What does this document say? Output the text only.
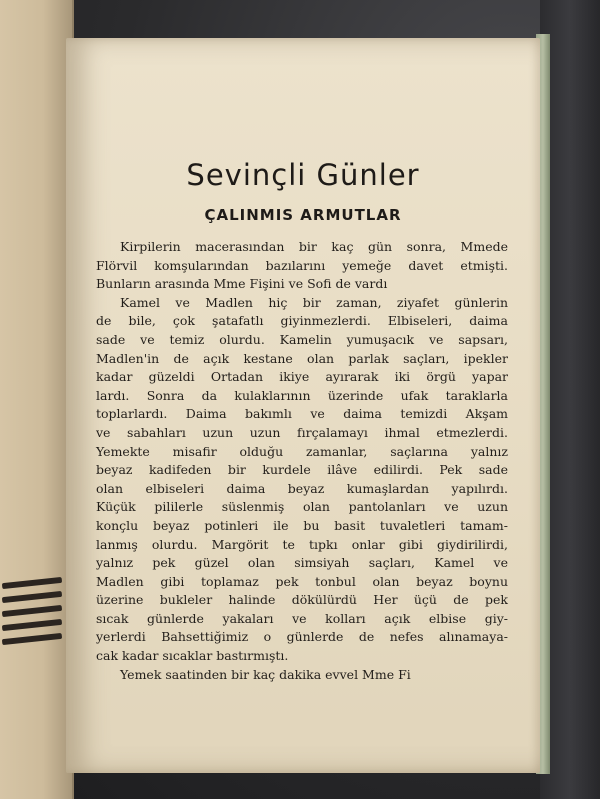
Sevinçli Günler
ÇALINMIS ARMUTLAR
Kirpilerin macerasından bir kaç gün sonra, Mmede
Flörvil komşularından bazılarını yemeğe davet etmişti.
Bunların arasında Mme Fişini ve Sofi de vardı
Kamel ve Madlen hiç bir zaman, ziyafet günlerin
de bile, çok şatafatlı giyinmezlerdi. Elbiseleri, daima
sade ve temiz olurdu. Kamelin yumuşacık ve sapsarı,
Madlen'in de açık kestane olan parlak saçları, ipekler
kadar güzeldi Ortadan ikiye ayırarak iki örgü yapar
lardı. Sonra da kulaklarının üzerinde ufak taraklarla
toplarlardı. Daima bakımlı ve daima temizdi Akşam
ve sabahları uzun uzun fırçalamayı ihmal etmezlerdi.
Yemekte misafir olduğu zamanlar, saçlarına yalnız
beyaz kadifeden bir kurdele ilâve edilirdi. Pek sade
olan elbiseleri daima beyaz kumaşlardan yapılırdı.
Küçük pililerle süslenmiş olan pantolanları ve uzun
konçlu beyaz potinleri ile bu basit tuvaletleri tamam-
lanmış olurdu. Margörit te tıpkı onlar gibi giydirilirdi,
yalnız pek güzel olan simsiyah saçları, Kamel ve
Madlen gibi toplamaz pek tonbul olan beyaz boynu
üzerine bukleler halinde dökülürdü Her üçü de pek
sıcak günlerde yakaları ve kolları açık elbise giy-
yerlerdi Bahsettiğimiz o günlerde de nefes alınamaya-
cak kadar sıcaklar bastırmıştı.
Yemek saatinden bir kaç dakika evvel Mme Fi
